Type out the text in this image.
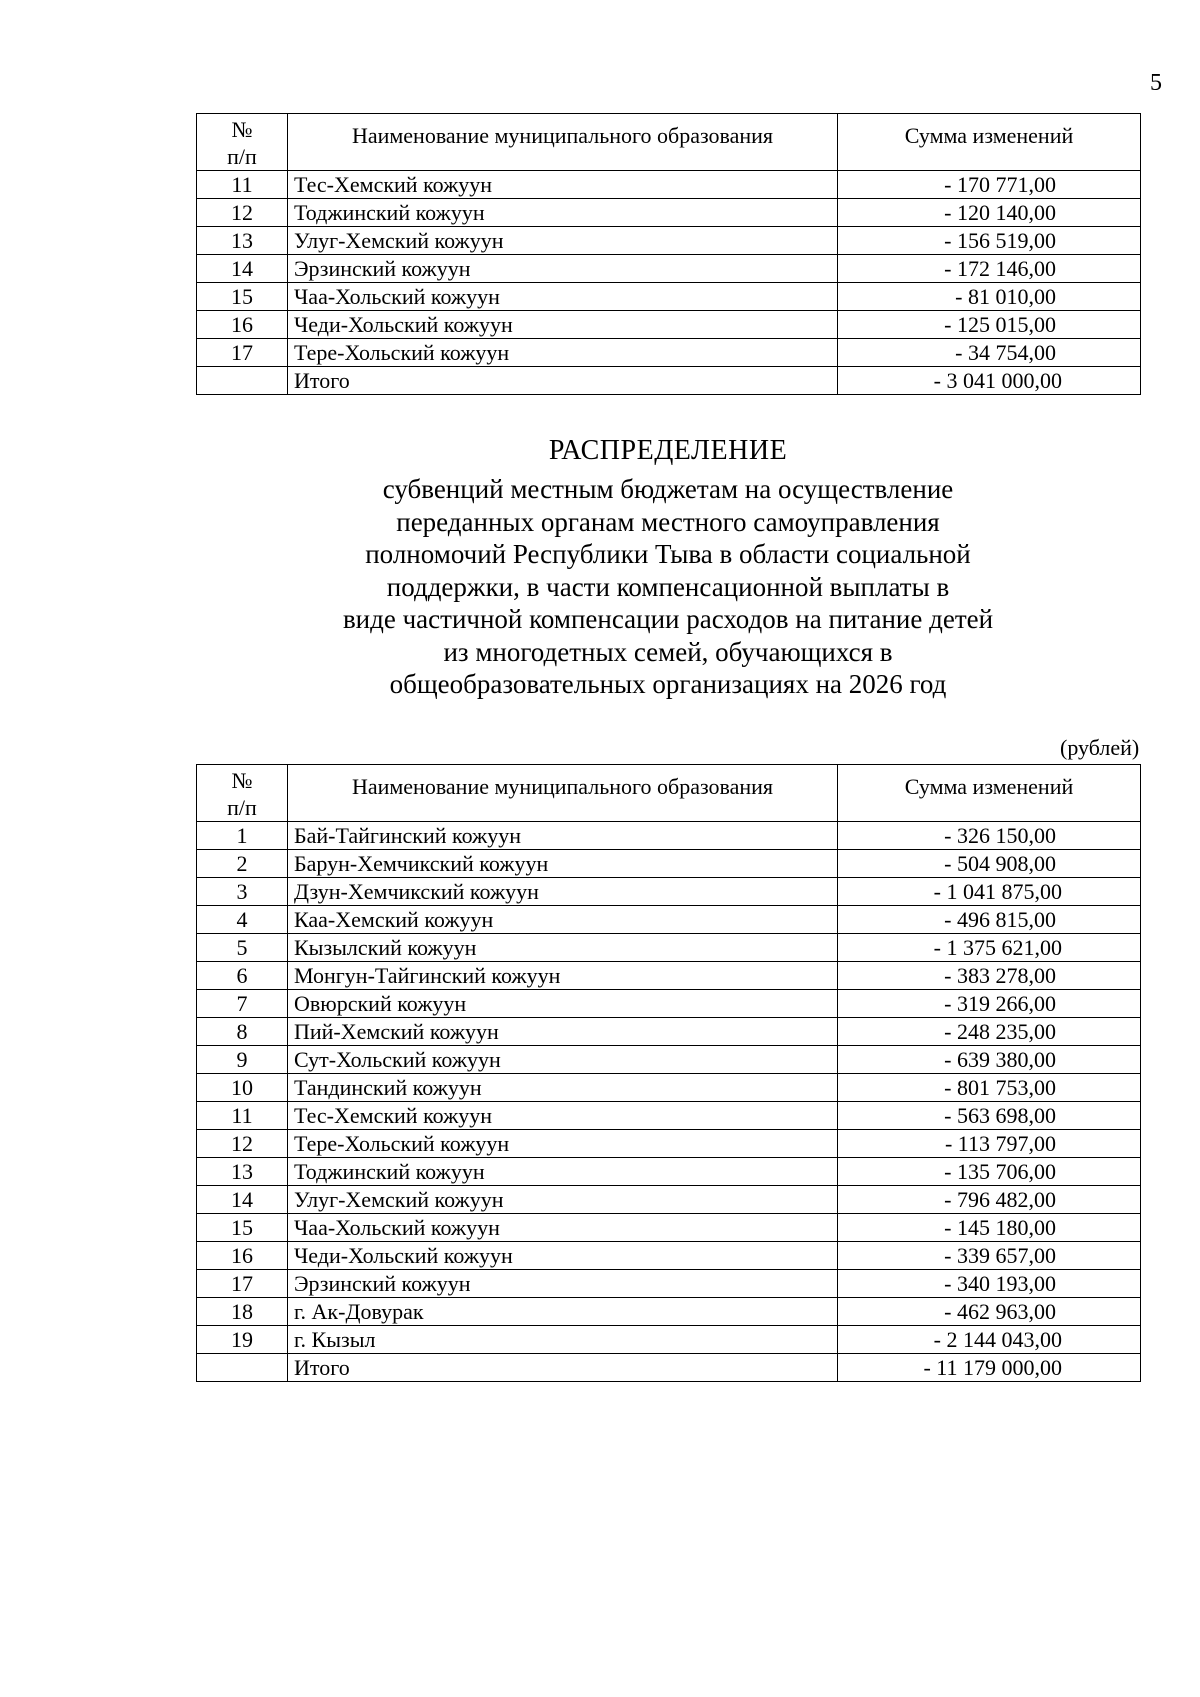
5
№
п/п	Наименование муниципального образования	Сумма изменений
11	Тес-Хемский кожуун	- 170 771,00
12	Тоджинский кожуун	- 120 140,00
13	Улуг-Хемский кожуун	- 156 519,00
14	Эрзинский кожуун	- 172 146,00
15	Чаа-Хольский кожуун	- 81 010,00
16	Чеди-Хольский кожуун	- 125 015,00
17	Тере-Хольский кожуун	- 34 754,00
	Итого	- 3 041 000,00
РАСПРЕДЕЛЕНИЕ
субвенций местным бюджетам на осуществление
переданных органам местного самоуправления
полномочий Республики Тыва в области социальной
поддержки, в части компенсационной выплаты в
виде частичной компенсации расходов на питание детей
из многодетных семей, обучающихся в
общеобразовательных организациях на 2026 год
(рублей)
№
п/п	Наименование муниципального образования	Сумма изменений
1	Бай-Тайгинский кожуун	- 326 150,00
2	Барун-Хемчикский кожуун	- 504 908,00
3	Дзун-Хемчикский кожуун	- 1 041 875,00
4	Каа-Хемский кожуун	- 496 815,00
5	Кызылский кожуун	- 1 375 621,00
6	Монгун-Тайгинский кожуун	- 383 278,00
7	Овюрский кожуун	- 319 266,00
8	Пий-Хемский кожуун	- 248 235,00
9	Сут-Хольский кожуун	- 639 380,00
10	Тандинский кожуун	- 801 753,00
11	Тес-Хемский кожуун	- 563 698,00
12	Тере-Хольский кожуун	- 113 797,00
13	Тоджинский кожуун	- 135 706,00
14	Улуг-Хемский кожуун	- 796 482,00
15	Чаа-Хольский кожуун	- 145 180,00
16	Чеди-Хольский кожуун	- 339 657,00
17	Эрзинский кожуун	- 340 193,00
18	г. Ак-Довурак	- 462 963,00
19	г. Кызыл	- 2 144 043,00
	Итого	- 11 179 000,00
